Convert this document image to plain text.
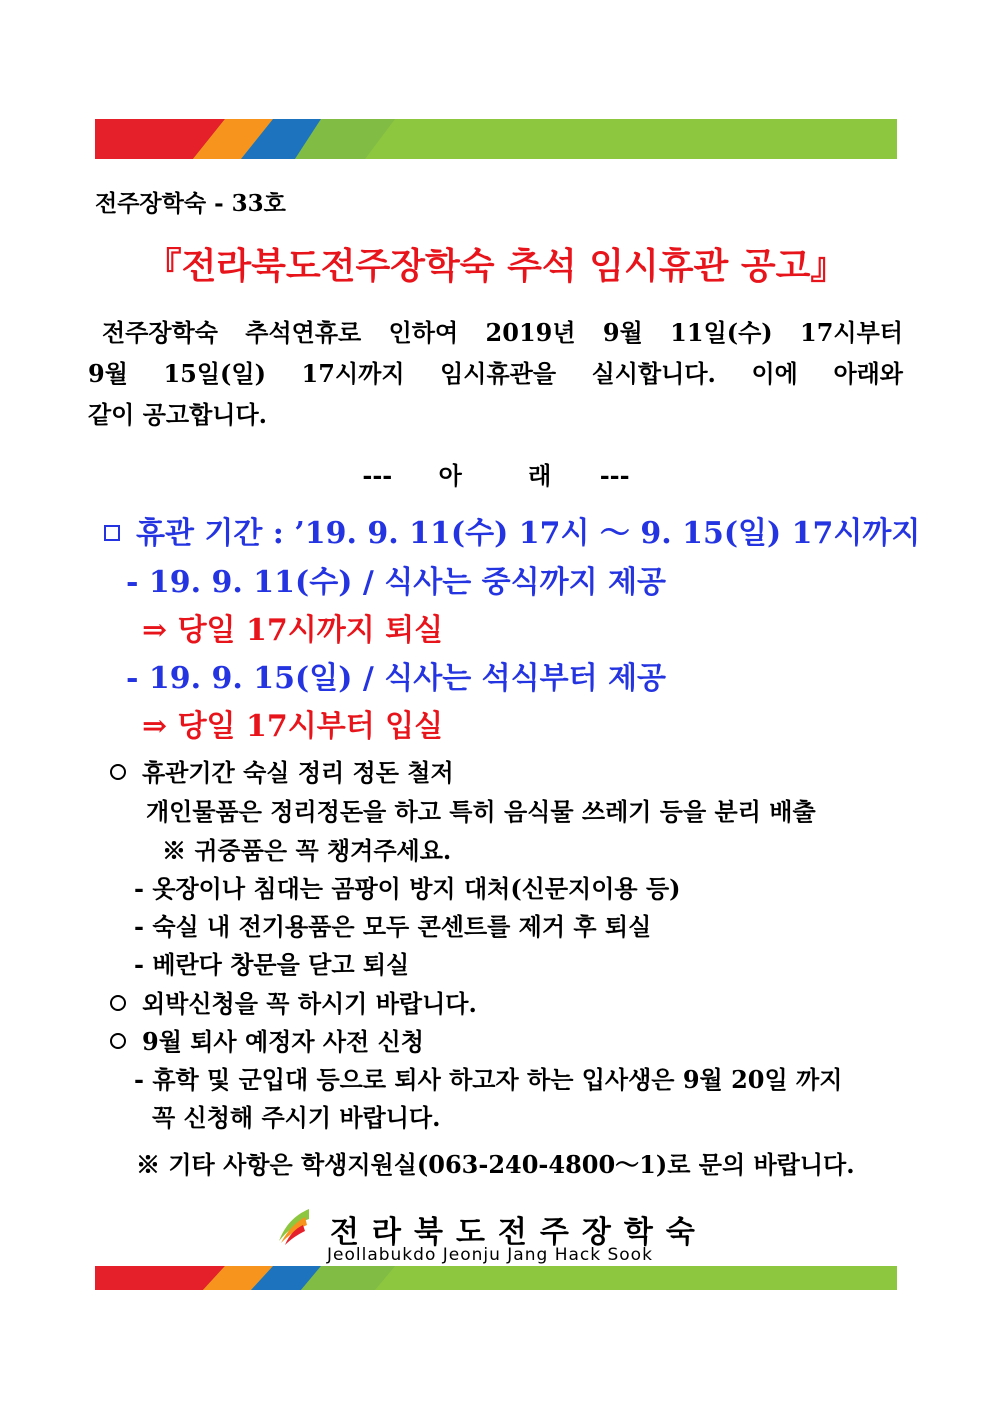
전주장학숙 - 33호
『전라북도전주장학숙 추석 임시휴관 공고』

전주장학숙 추석연휴로 인하여 2019년 9월 11일(수) 17시부터

9월 15일(일) 17시까지 임시휴관을 실시합니다. 이에 아래와

같이 공고합니다.

--- 아	래 ---
휴관 기간 : ’19. 9. 11(수) 17시 ～ 9. 15(일) 17시까지
- 19. 9. 11(수) / 식사는 중식까지 제공
⇒ 당일 17시까지 퇴실
- 19. 9. 15(일) / 식사는 석식부터 제공
⇒ 당일 17시부터 입실
휴관기간 숙실 정리 정돈 철저
개인물품은 정리정돈을 하고 특히 음식물 쓰레기 등을 분리 배출
※ 귀중품은 꼭 챙겨주세요.
- 옷장이나 침대는 곰팡이 방지 대처(신문지이용 등)
- 숙실 내 전기용품은 모두 콘센트를 제거 후 퇴실
- 베란다 창문을 닫고 퇴실
외박신청을 꼭 하시기 바랍니다.
9월 퇴사 예정자 사전 신청
- 휴학 및 군입대 등으로 퇴사 하고자 하는 입사생은 9월 20일 까지
꼭 신청해 주시기 바랍니다.
※ 기타 사항은 학생지원실(063-240-4800～1)로 문의 바랍니다.
전라북도전주장학숙
Jeollabukdo Jeonju Jang Hack Sook
